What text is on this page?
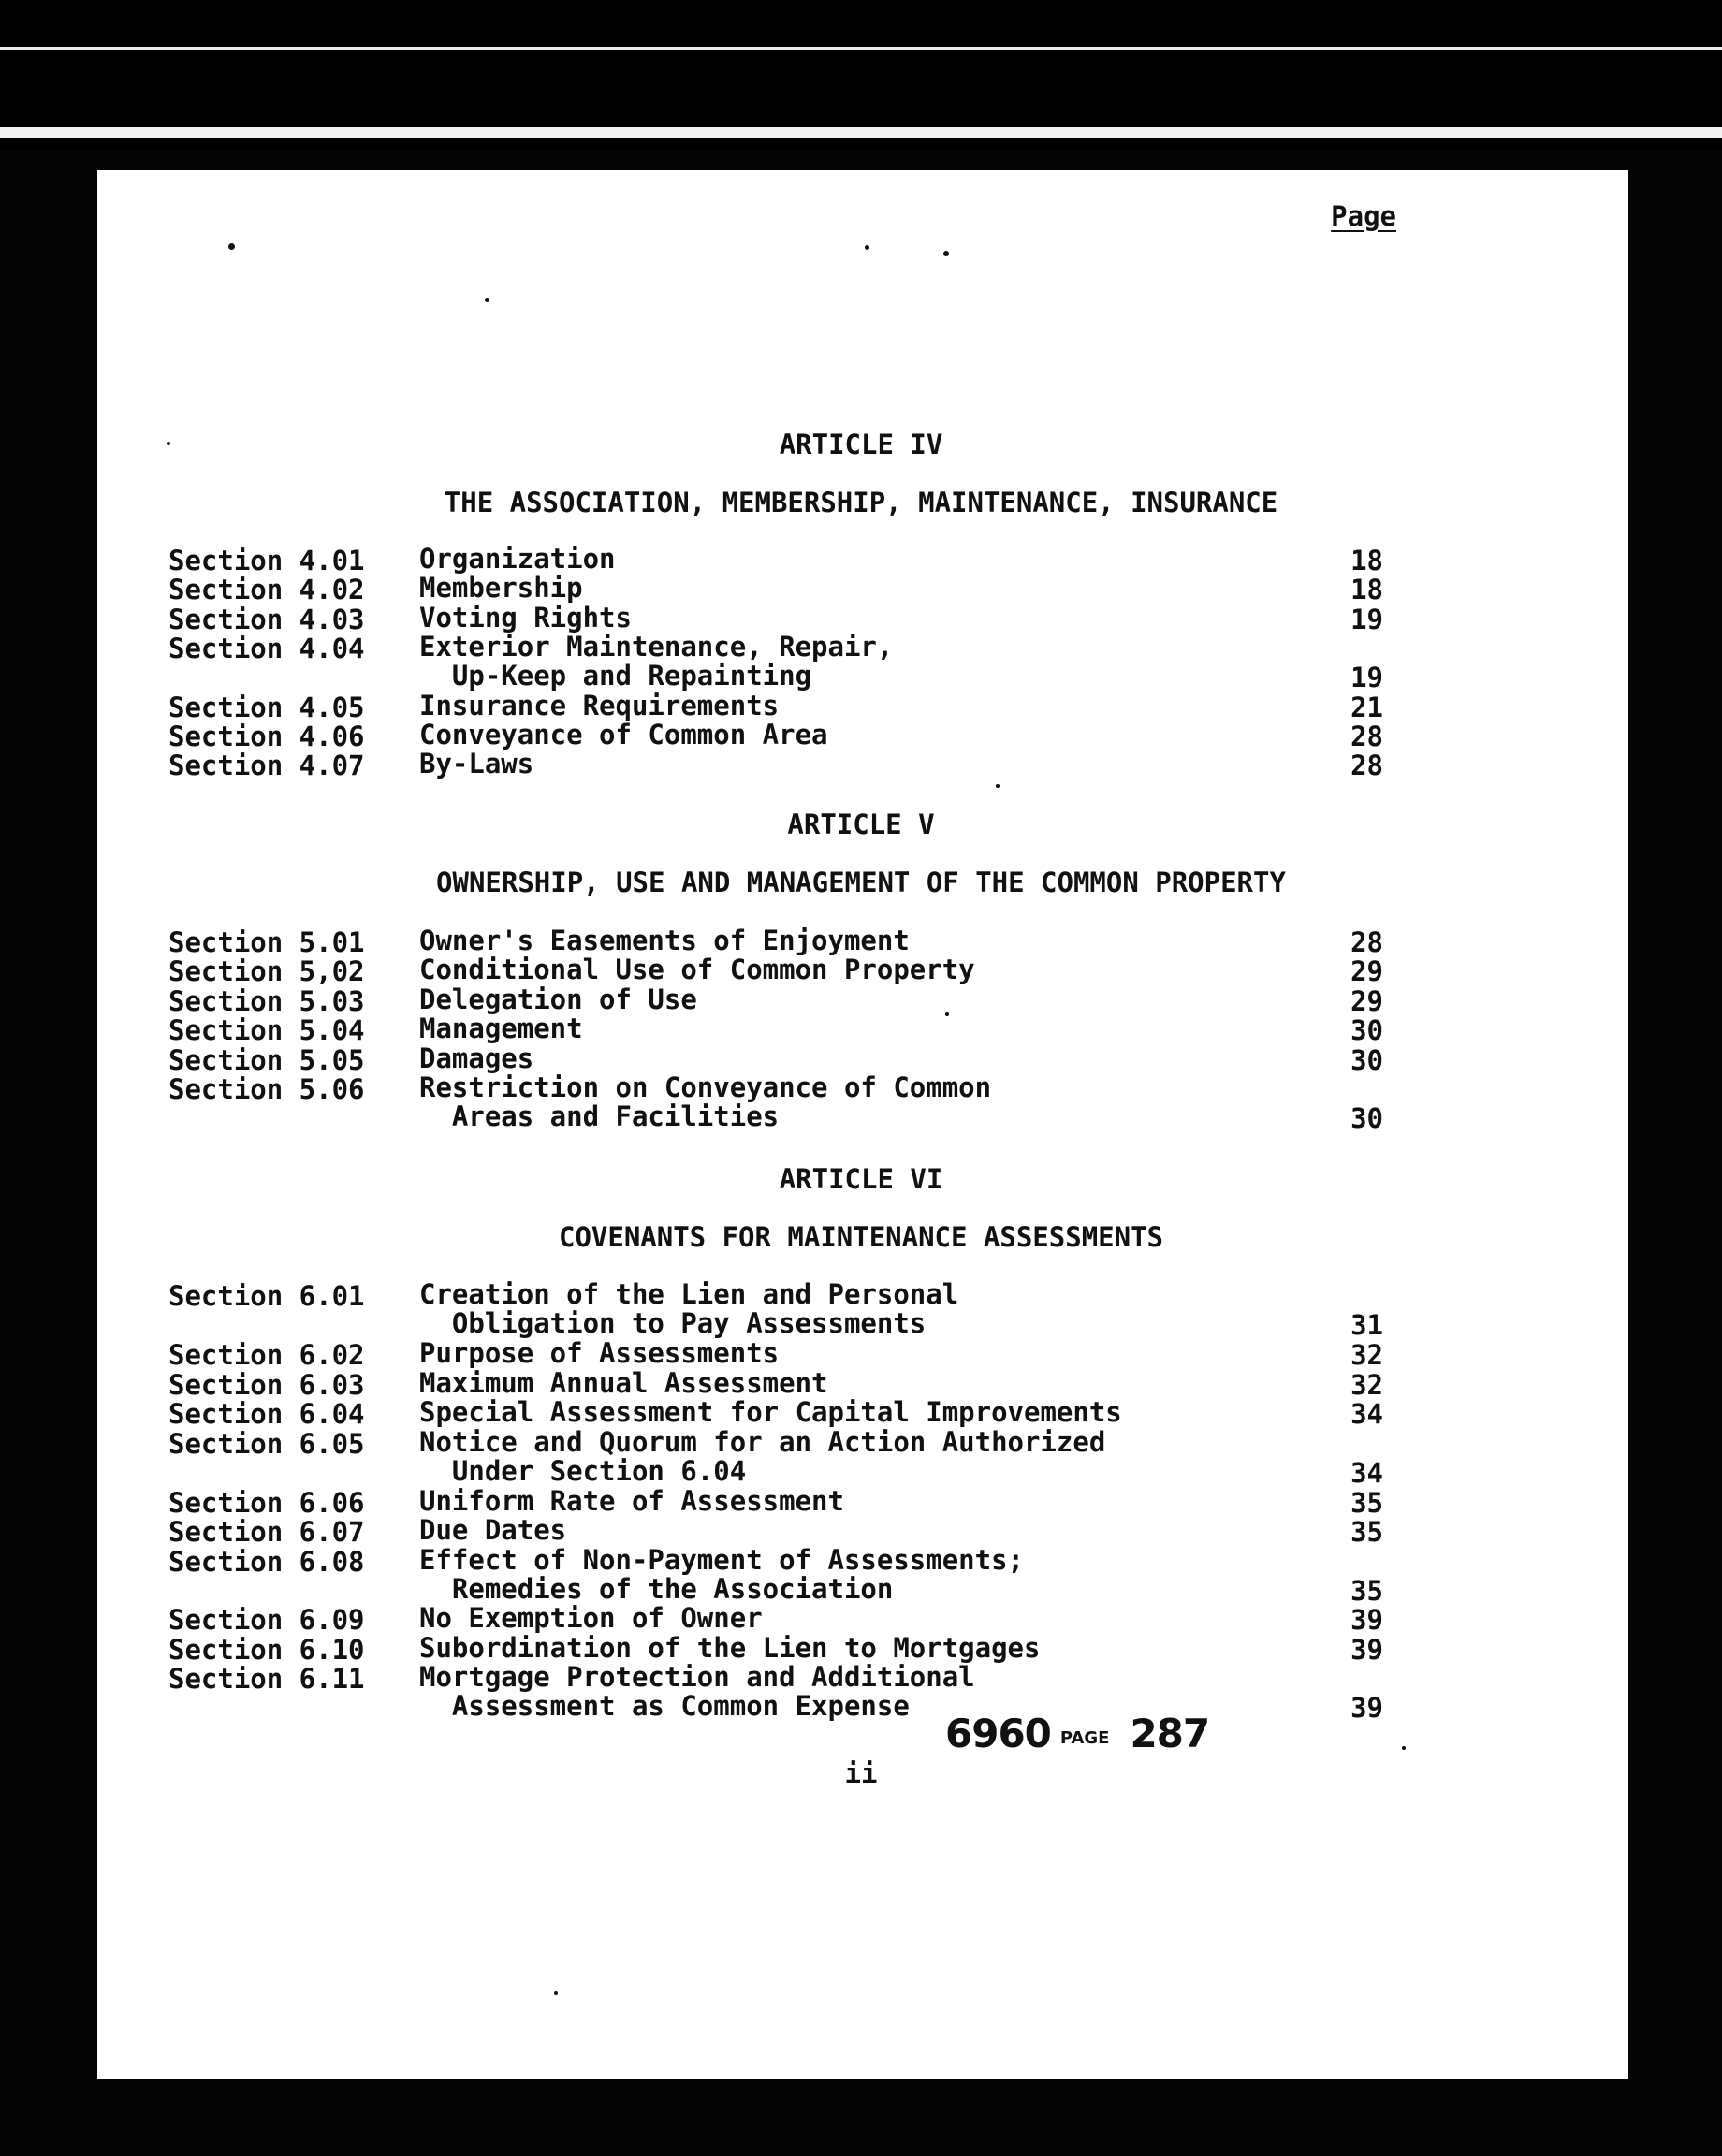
Page
ARTICLE IV
THE ASSOCIATION, MEMBERSHIP, MAINTENANCE, INSURANCE
Section 4.01 Organization	18
Section 4.02 Membership	18
Section 4.03 Voting Rights	19
Section 4.04 Exterior Maintenance, Repair,
Up-Keep and Repainting	19
Section 4.05 Insurance Requirements	21
Section 4.06 Conveyance of Common Area	28
Section 4.07 By-Laws	28
ARTICLE V
OWNERSHIP, USE AND MANAGEMENT OF THE COMMON PROPERTY
Section 5.01 Owner's Easements of Enjoyment	28
Section 5,02 Conditional Use of Common Property	29
Section 5.03 Delegation of Use	29
Section 5.04 Management	30
Section 5.05 Damages	30
Section 5.06 Restriction on Conveyance of Common
Areas and Facilities	30
ARTICLE VI
COVENANTS FOR MAINTENANCE ASSESSMENTS
Section 6.01 Creation of the Lien and Personal
Obligation to Pay Assessments	31
Section 6.02 Purpose of Assessments	32
Section 6.03 Maximum Annual Assessment	32
Section 6.04 Special Assessment for Capital Improvements	34
Section 6.05 Notice and Quorum for an Action Authorized
Under Section 6.04	34
Section 6.06 Uniform Rate of Assessment	35
Section 6.07 Due Dates	35
Section 6.08 Effect of Non-Payment of Assessments;
Remedies of the Association	35
Section 6.09 No Exemption of Owner	39
Section 6.10 Subordination of the Lien to Mortgages	39
Section 6.11 Mortgage Protection and Additional
Assessment as Common Expense	39
6960 PAGE 287
ii
